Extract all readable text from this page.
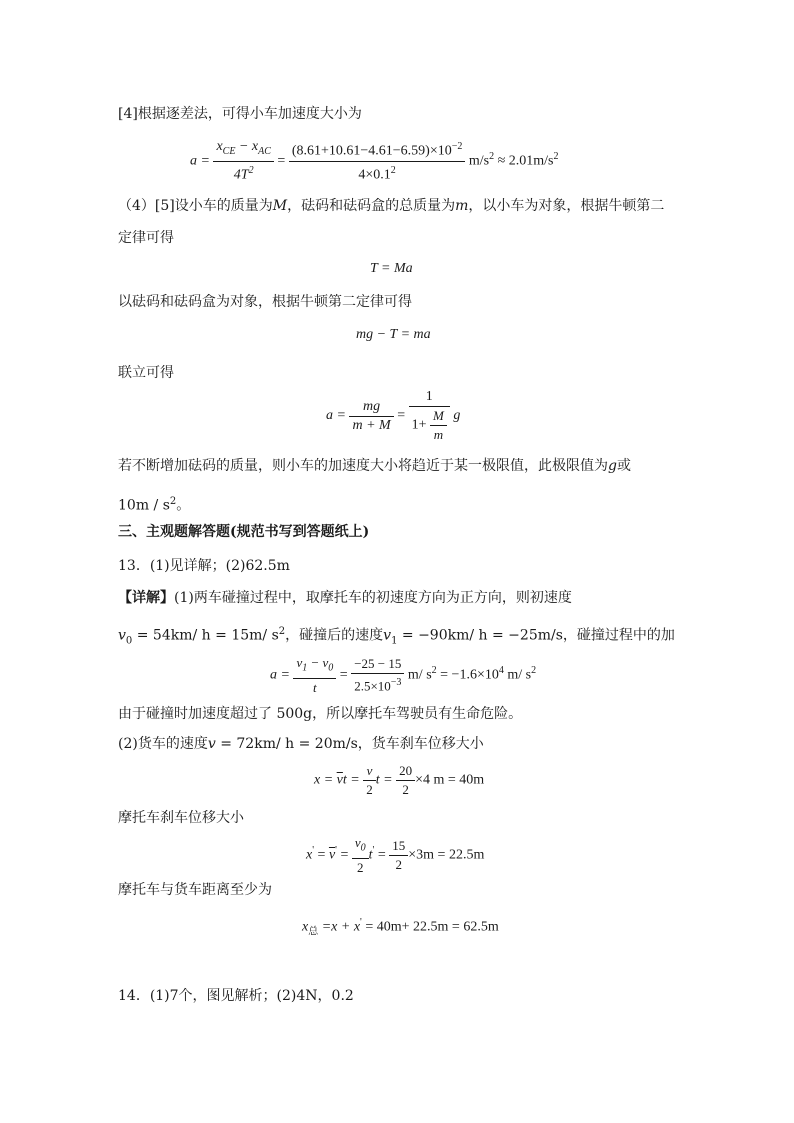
[4]根据逐差法，可得小车加速度大小为
$a = \frac{x_{CE} - x_{AC}}{4T^2} = \frac{(8.61+10.61-4.61-6.59)\times 10^{-2}}{4\times 0.1^2} m/s^2 \approx 2.01m/s^2$
（4）[5]设小车的质量为M，砝码和砝码盒的总质量为m，以小车为对象，根据牛顿第二
定律可得
T = Ma
以砝码和砝码盒为对象，根据牛顿第二定律可得
mg − T = ma
联立可得
$a = \frac{mg}{m + M} = \frac{1}{1+ \frac{M}{m}}$ g
若不断增加砝码的质量，则小车的加速度大小将趋近于某一极限值，此极限值为g或
$10m / s^2$。
三、主观题解答题(规范书写到答题纸上)
13．(1)见详解；(2)62.5m
【详解】(1)两车碰撞过程中，取摩托车的初速度方向为正方向，则初速度
$v_0 = 54km/$ h = 15m/ $s^2$，碰撞后的速度$v_1 = -90km/$ h = −25m/s，碰撞过程中的加
$a = \frac{v_1 - v_0}{t} = \frac{-25 - 15}{2.5\times 10^{-3}} m/$ $s^2 = -1.6\times 10^4$ m/ $s^2$
由于碰撞时加速度超过了 500g，所以摩托车驾驶员有生命危险。
(2)货车的速度v = 72km/ h = 20m/s，货车刹车位移大小
$x = \overline{v}t = \frac{v}{2}$ $t = \frac{20}{2} \times 4$ m = 40m
摩托车刹车位移大小
$x' = \overline{v}' = \frac{v_0}{2} t' = \frac{15}{2} \times 3m = 22.5m$
摩托车与货车距离至少为
$x_总 =x + x' = 40m+ 22.5m = 62.5m$
14．(1)7个，图见解析；(2)4N，0.2
